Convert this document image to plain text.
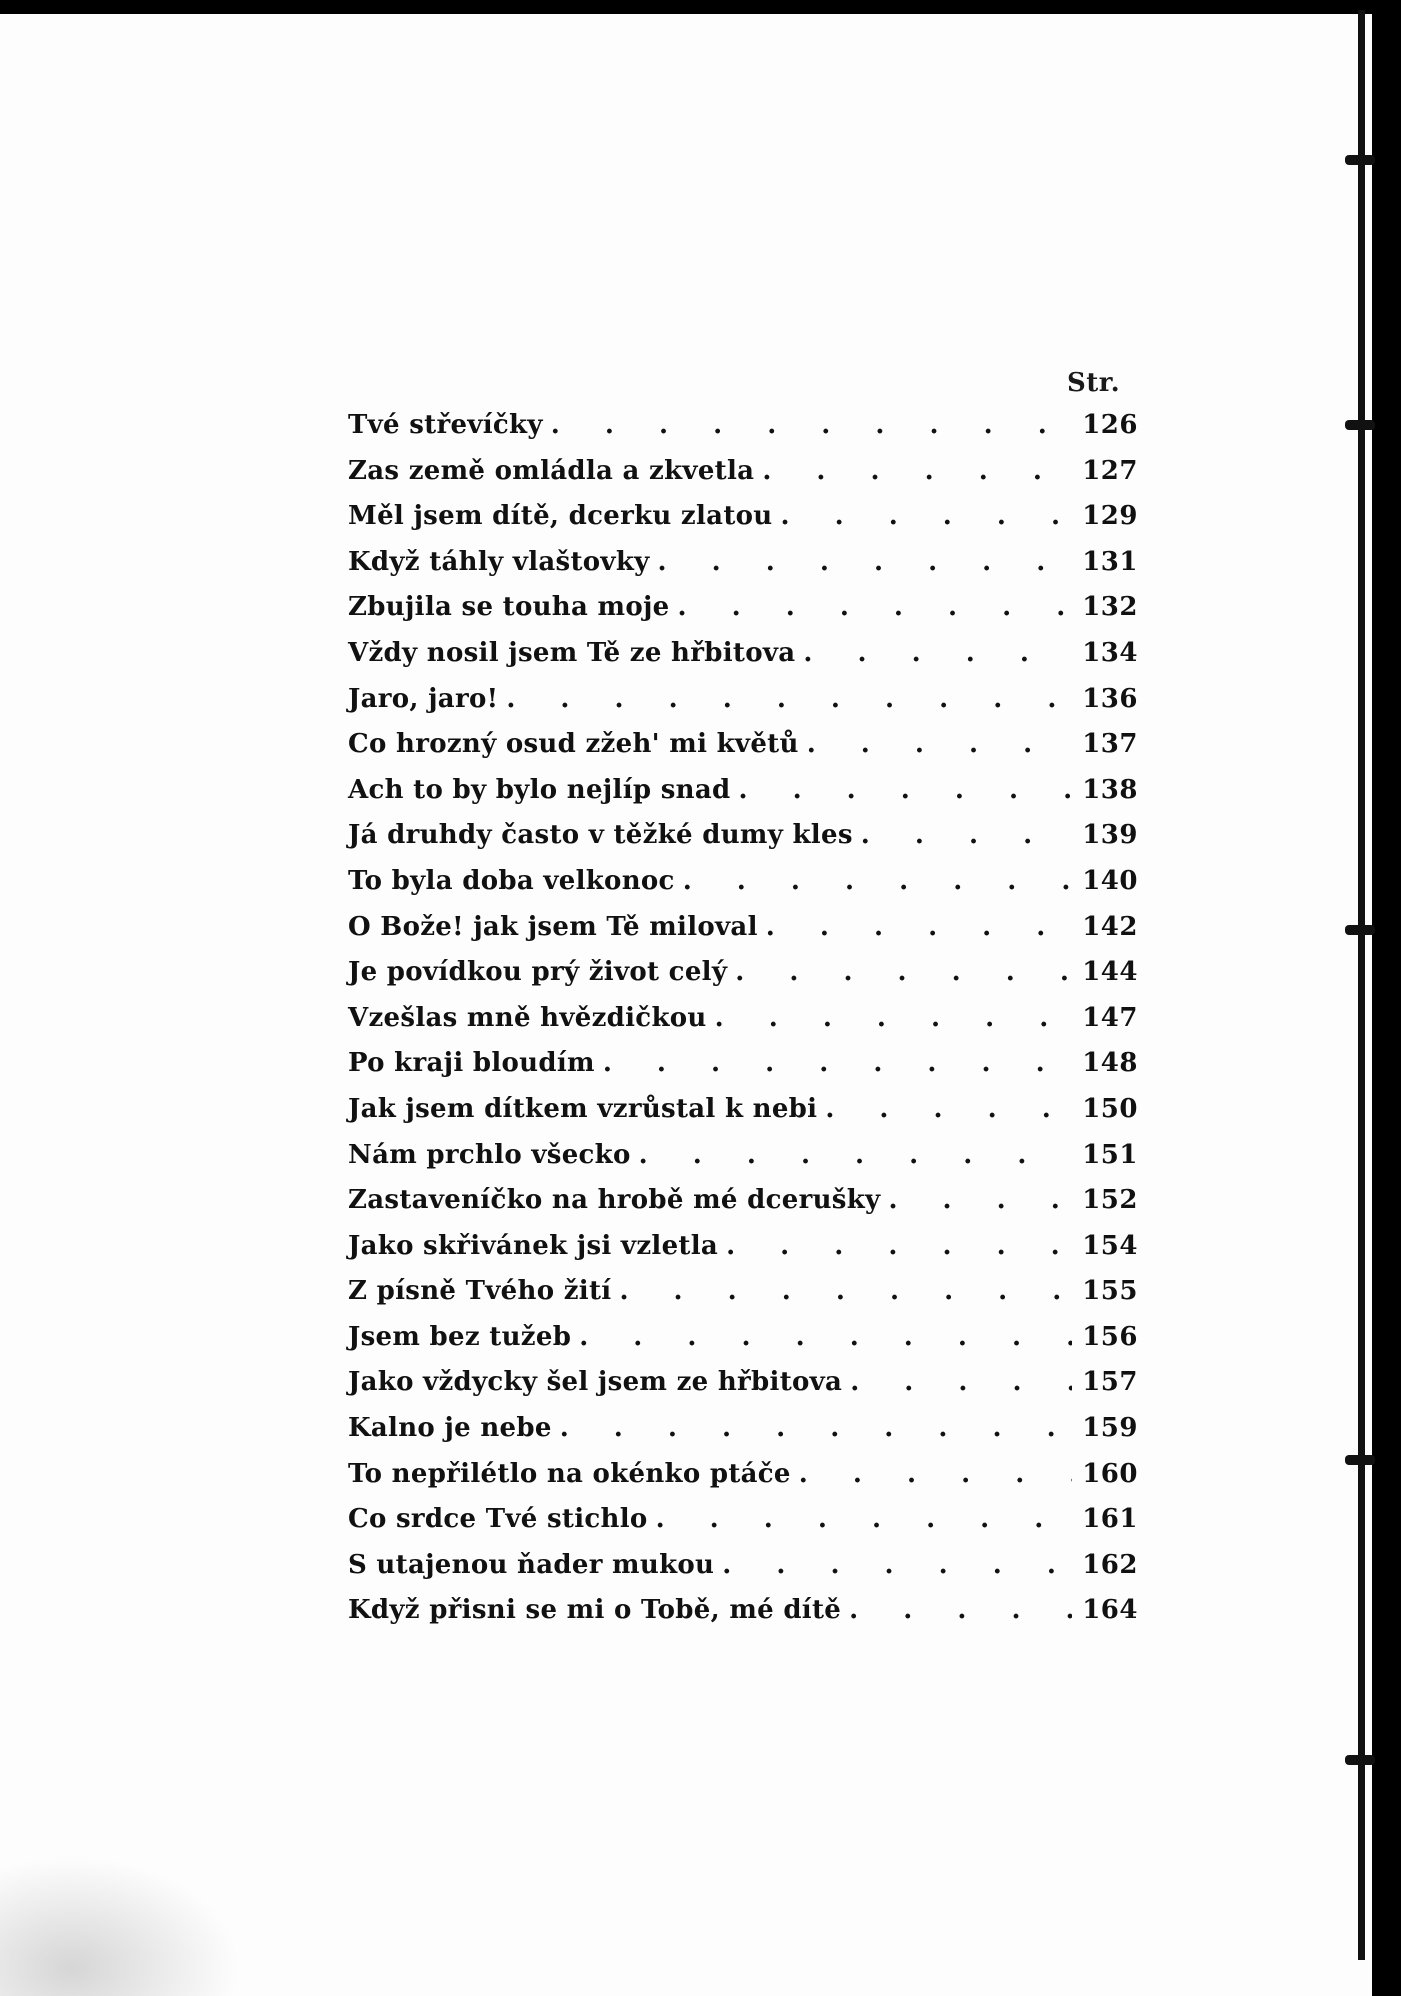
Str.
Tvé střevíčky . . .	126
Zas země omládla a zkvetla . . .	127
Měl jsem dítě, dcerku zlatou . . .	129
Když táhly vlaštovky . . .	131
Zbujila se touha moje . . .	132
Vždy nosil jsem Tě ze hřbitova . . .	134
Jaro, jaro! . . .	136
Co hrozný osud zžeh' mi květů . . .	137
Ach to by bylo nejlíp snad . . .	138
Já druhdy často v těžké dumy kles . . .	139
To byla doba velkonoc . . .	140
O Bože! jak jsem Tě miloval . . .	142
Je povídkou prý život celý . . .	144
Vzešlas mně hvězdičkou . . .	147
Po kraji bloudím . . .	148
Jak jsem dítkem vzrůstal k nebi . . .	150
Nám prchlo všecko . . .	151
Zastaveníčko na hrobě mé dcerušky . . .	152
Jako skřivánek jsi vzletla . . .	154
Z písně Tvého žití . . .	155
Jsem bez tužeb . . .	156
Jako vždycky šel jsem ze hřbitova . . .	157
Kalno je nebe . . .	159
To nepřilétlo na okénko ptáče . . .	160
Co srdce Tvé stichlo . . .	161
S utajenou ňader mukou . . .	162
Když přisni se mi o Tobě, mé dítě . . .	164
